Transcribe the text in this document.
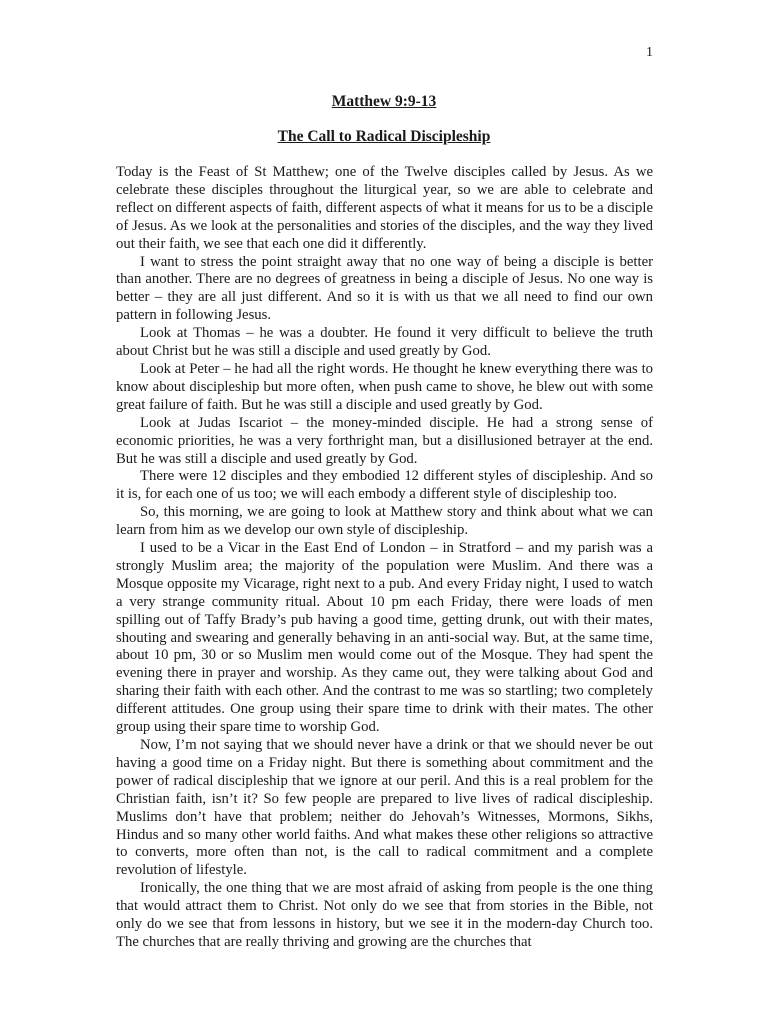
1
Matthew 9:9-13
The Call to Radical Discipleship

Today is the Feast of St Matthew; one of the Twelve disciples called by Jesus. As we celebrate these disciples throughout the liturgical year, so we are able to celebrate and reflect on different aspects of faith, different aspects of what it means for us to be a disciple of Jesus. As we look at the personalities and stories of the disciples, and the way they lived out their faith, we see that each one did it differently.

I want to stress the point straight away that no one way of being a disciple is better than another. There are no degrees of greatness in being a disciple of Jesus. No one way is better – they are all just different. And so it is with us that we all need to find our own pattern in following Jesus.

Look at Thomas – he was a doubter. He found it very difficult to believe the truth about Christ but he was still a disciple and used greatly by God.

Look at Peter – he had all the right words. He thought he knew everything there was to know about discipleship but more often, when push came to shove, he blew out with some great failure of faith. But he was still a disciple and used greatly by God.

Look at Judas Iscariot – the money-minded disciple. He had a strong sense of economic priorities, he was a very forthright man, but a disillusioned betrayer at the end. But he was still a disciple and used greatly by God.

There were 12 disciples and they embodied 12 different styles of discipleship. And so it is, for each one of us too; we will each embody a different style of discipleship too.

So, this morning, we are going to look at Matthew story and think about what we can learn from him as we develop our own style of discipleship.

I used to be a Vicar in the East End of London – in Stratford – and my parish was a strongly Muslim area; the majority of the population were Muslim. And there was a Mosque opposite my Vicarage, right next to a pub. And every Friday night, I used to watch a very strange community ritual. About 10 pm each Friday, there were loads of men spilling out of Taffy Brady’s pub having a good time, getting drunk, out with their mates, shouting and swearing and generally behaving in an anti-social way. But, at the same time, about 10 pm, 30 or so Muslim men would come out of the Mosque. They had spent the evening there in prayer and worship. As they came out, they were talking about God and sharing their faith with each other. And the contrast to me was so startling; two completely different attitudes. One group using their spare time to drink with their mates. The other group using their spare time to worship God.

Now, I’m not saying that we should never have a drink or that we should never be out having a good time on a Friday night. But there is something about commitment and the power of radical discipleship that we ignore at our peril. And this is a real problem for the Christian faith, isn’t it? So few people are prepared to live lives of radical discipleship. Muslims don’t have that problem; neither do Jehovah’s Witnesses, Mormons, Sikhs, Hindus and so many other world faiths. And what makes these other religions so attractive to converts, more often than not, is the call to radical commitment and a complete revolution of lifestyle.

Ironically, the one thing that we are most afraid of asking from people is the one thing that would attract them to Christ. Not only do we see that from stories in the Bible, not only do we see that from lessons in history, but we see it in the modern-day Church too. The churches that are really thriving and growing are the churches that
